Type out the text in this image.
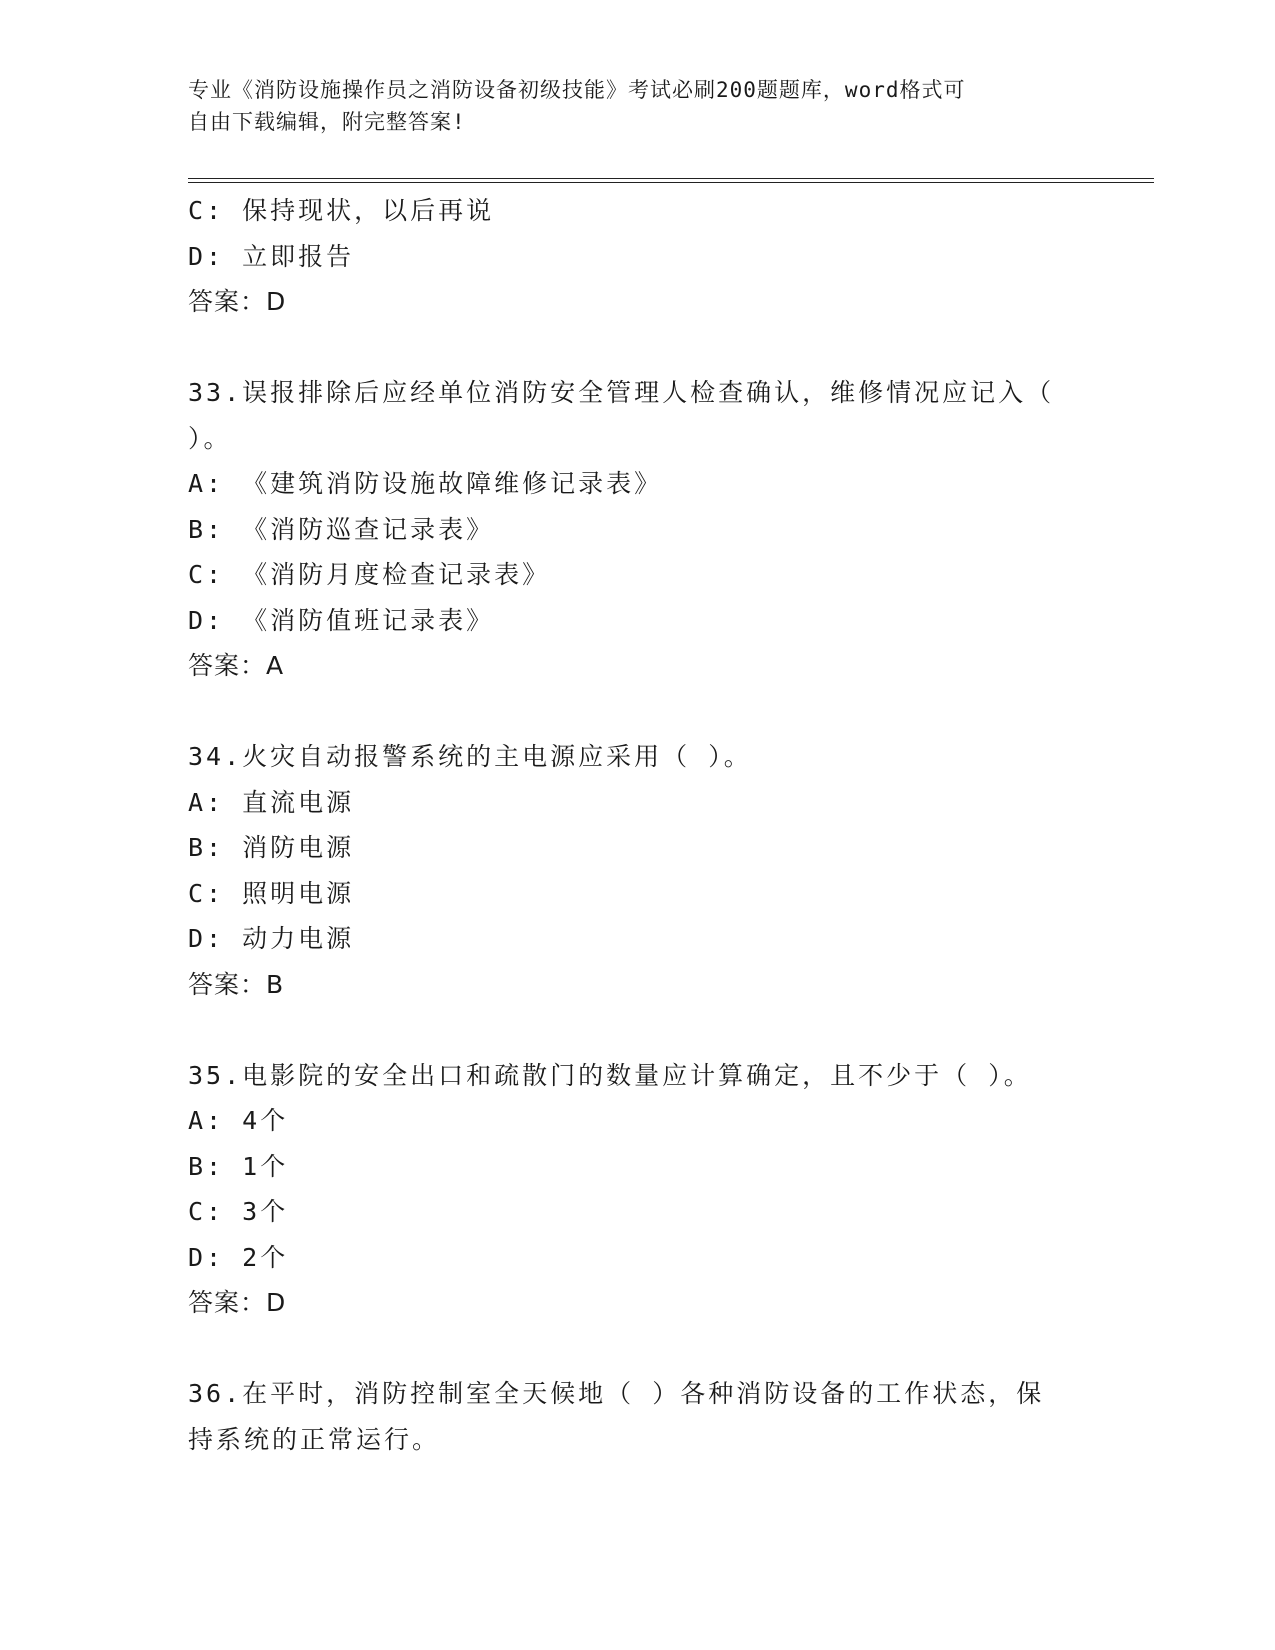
专业《消防设施操作员之消防设备初级技能》考试必刷200题题库，word格式可
自由下载编辑，附完整答案!
C: 保持现状，以后再说
D: 立即报告
答案：D
33.误报排除后应经单位消防安全管理人检查确认，维修情况应记入（
）。
A: 《建筑消防设施故障维修记录表》
B: 《消防巡查记录表》
C: 《消防月度检查记录表》
D: 《消防值班记录表》
答案：A
34.火灾自动报警系统的主电源应采用（ ）。
A: 直流电源
B: 消防电源
C: 照明电源
D: 动力电源
答案：B
35.电影院的安全出口和疏散门的数量应计算确定，且不少于（ ）。
A: 4个
B: 1个
C: 3个
D: 2个
答案：D
36.在平时，消防控制室全天候地（ ）各种消防设备的工作状态，保
持系统的正常运行。
